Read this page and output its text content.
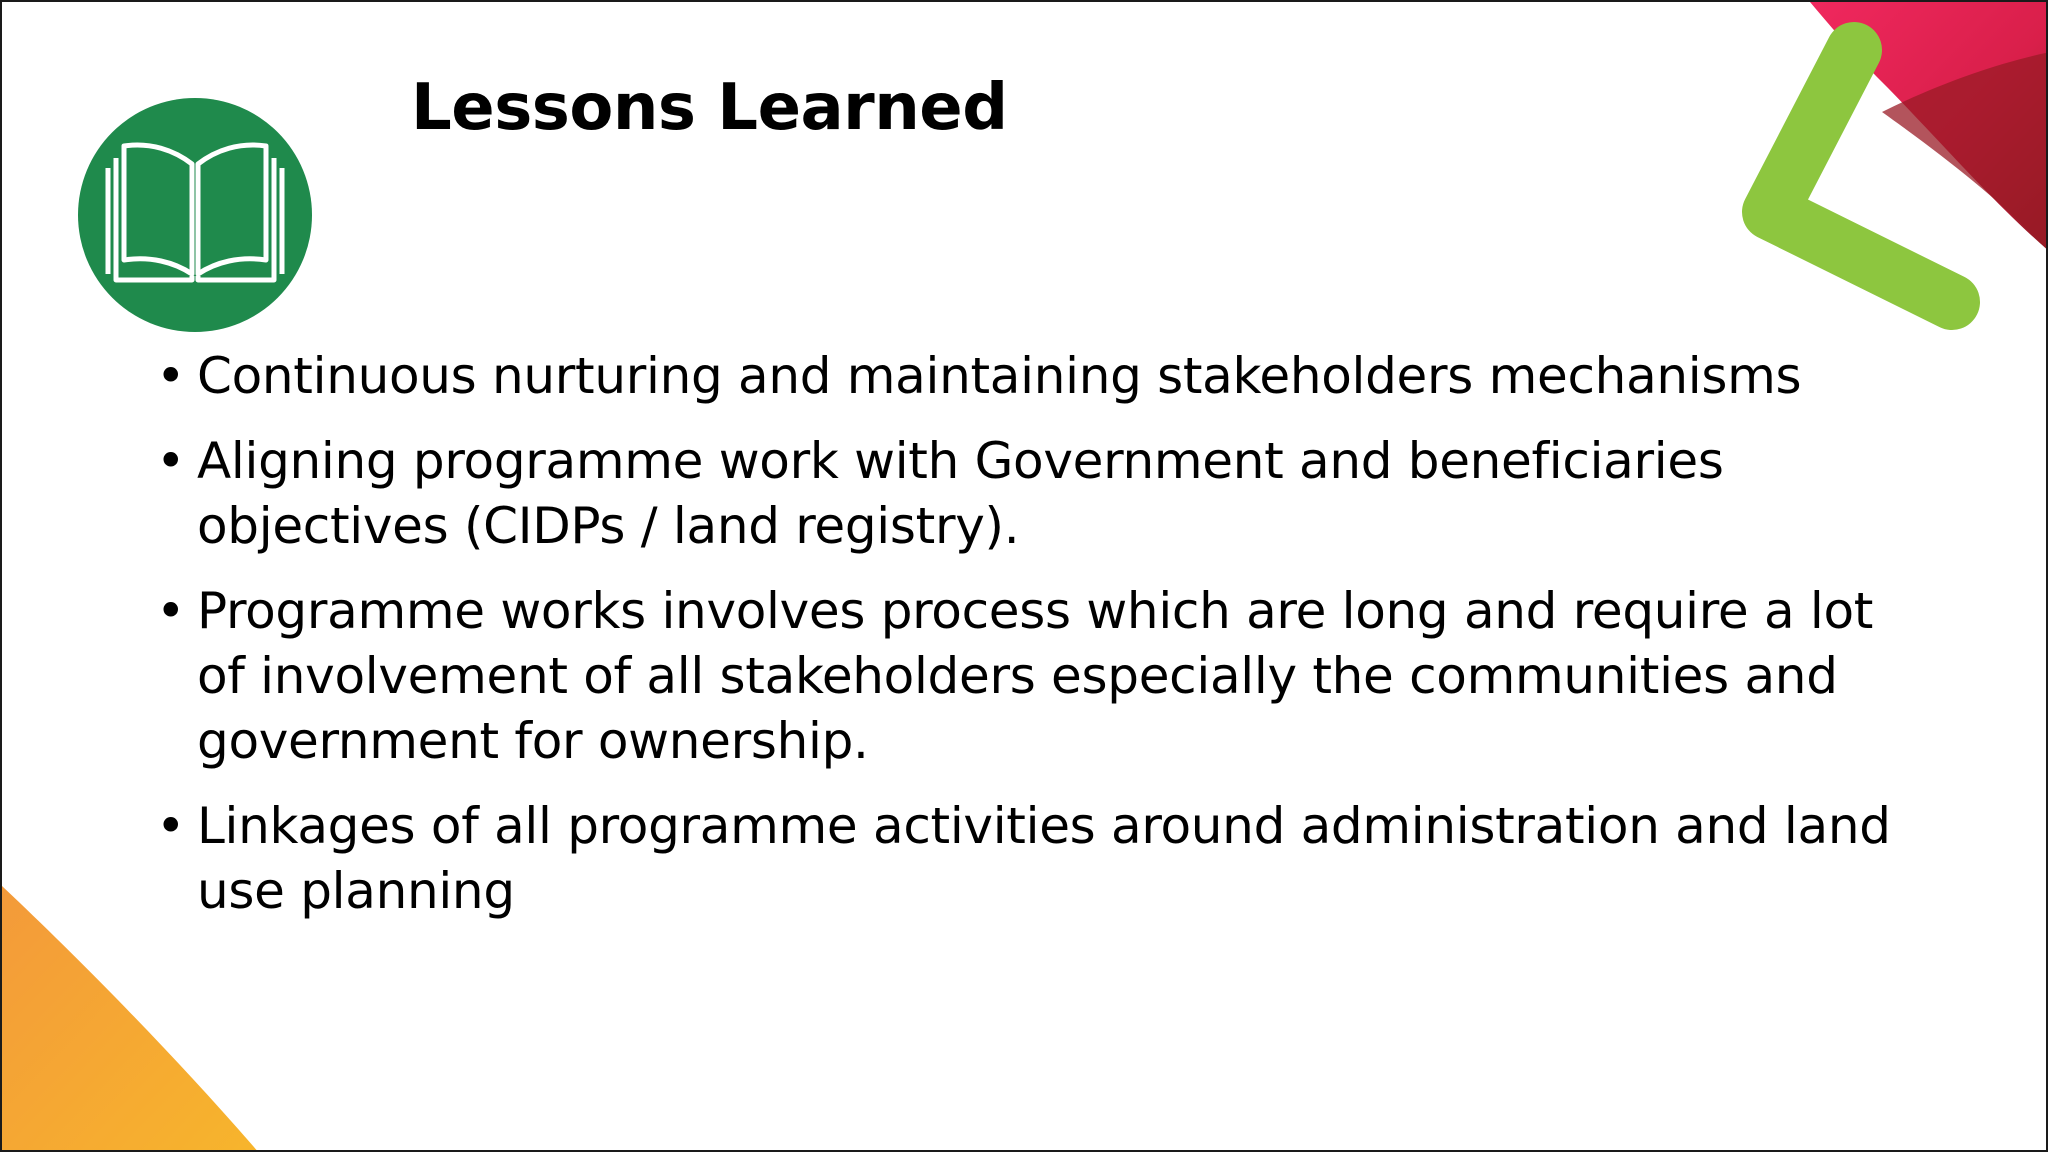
Lessons Learned
• Continuous nurturing and maintaining stakeholders mechanisms
• Aligning programme work with Government and beneficiaries objectives (CIDPs / land registry).
• Programme works involves process which are long and require a lot of involvement of all stakeholders especially the communities and government for ownership.
• Linkages of all programme activities around administration and land use planning
